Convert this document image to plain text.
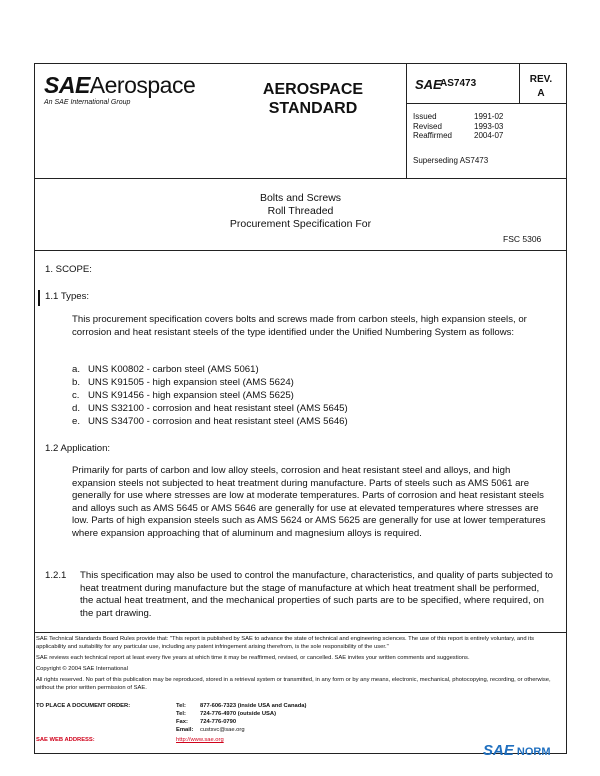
SAEAerospace
An SAE International Group
AEROSPACE STANDARD
SAE
AS7473	REV.
A
Issued	1991-02
Revised	1993-03
Reaffirmed	2004-07
Superseding AS7473
Bolts and Screws
Roll Threaded
Procurement Specification For
FSC 5306
1. SCOPE:
1.1 Types:
This procurement specification covers bolts and screws made from carbon steels, high expansion steels, or corrosion and heat resistant steels of the type identified under the Unified Numbering System as follows:
a. UNS K00802 - carbon steel (AMS 5061)
b. UNS K91505 - high expansion steel (AMS 5624)
c. UNS K91456 - high expansion steel (AMS 5625)
d. UNS S32100 - corrosion and heat resistant steel (AMS 5645)
e. UNS S34700 - corrosion and heat resistant steel (AMS 5646)
1.2 Application:
Primarily for parts of carbon and low alloy steels, corrosion and heat resistant steel and alloys, and high expansion steels not subjected to heat treatment during manufacture. Parts of steels such as AMS 5061 are generally for use where stresses are low at moderate temperatures. Parts of corrosion and heat resistant steels and alloys such as AMS 5645 or AMS 5646 are generally for use at elevated temperatures where stresses are low. Parts of high expansion steels such as AMS 5624 or AMS 5625 are generally for use at lower temperatures where expansion approaching that of aluminum and magnesium alloys is required.
1.2.1 This specification may also be used to control the manufacture, characteristics, and quality of parts subjected to heat treatment during manufacture but the stage of manufacture at which heat treatment shall be performed, the actual heat treatment, and the mechanical properties of such parts are to be specified, where required, on the part drawing.
SAE Technical Standards Board Rules provide that: "This report is published by SAE to advance the state of technical and engineering sciences. The use of this report is entirely voluntary, and its applicability and suitability for any particular use, including any patent infringement arising therefrom, is the sole responsibility of the user."
SAE reviews each technical report at least every five years at which time it may be reaffirmed, revised, or cancelled. SAE invites your written comments and suggestions.
Copyright © 2004 SAE International
All rights reserved. No part of this publication may be reproduced, stored in a retrieval system or transmitted, in any form or by any means, electronic, mechanical, photocopying, recording, or otherwise, without the prior written permission of SAE.
TO PLACE A DOCUMENT ORDER:	Tel: 877-606-7323 (inside USA and Canada)
Tel: 724-776-4970 (outside USA)
Fax: 724-776-0790
Email: custsvc@sae.org
SAE WEB ADDRESS:	http://www.sae.org
SAE NORM
